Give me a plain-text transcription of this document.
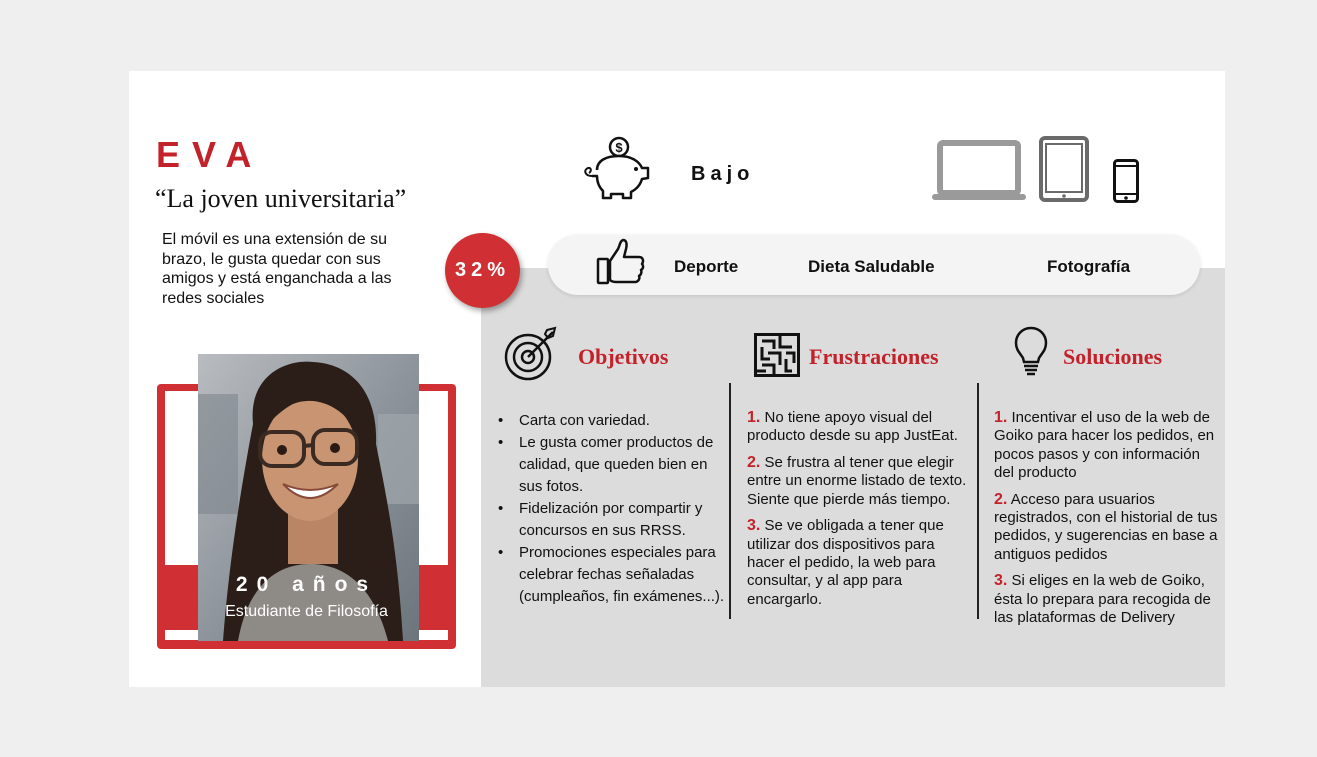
EVA
“La joven universitaria”
El móvil es una extensión de su brazo, le gusta quedar con sus amigos y está enganchada a las redes sociales
20 años
Estudiante de Filosofía
$
Bajo
32%	Deporte	Dieta Saludable	Fotografía
Objetivos
• Carta con variedad.
• Le gusta comer productos de calidad, que queden bien en sus fotos.
• Fidelización por compartir y concursos en sus RRSS.
• Promociones especiales para celebrar fechas señaladas (cumpleaños, fin exámenes...).
Frustraciones
1. No tiene apoyo visual del producto desde su app JustEat.
2. Se frustra al tener que elegir entre un enorme listado de texto. Siente que pierde más tiempo.
3. Se ve obligada a tener que utilizar dos dispositivos para hacer el pedido, la web para consultar, y al app para encargarlo.
Soluciones
1. Incentivar el uso de la web de Goiko para hacer los pedidos, en pocos pasos y con información del producto
2. Acceso para usuarios registrados, con el historial de tus pedidos, y sugerencias en base a antiguos pedidos
3. Si eliges en la web de Goiko, ésta lo prepara para recogida de las plataformas de Delivery
